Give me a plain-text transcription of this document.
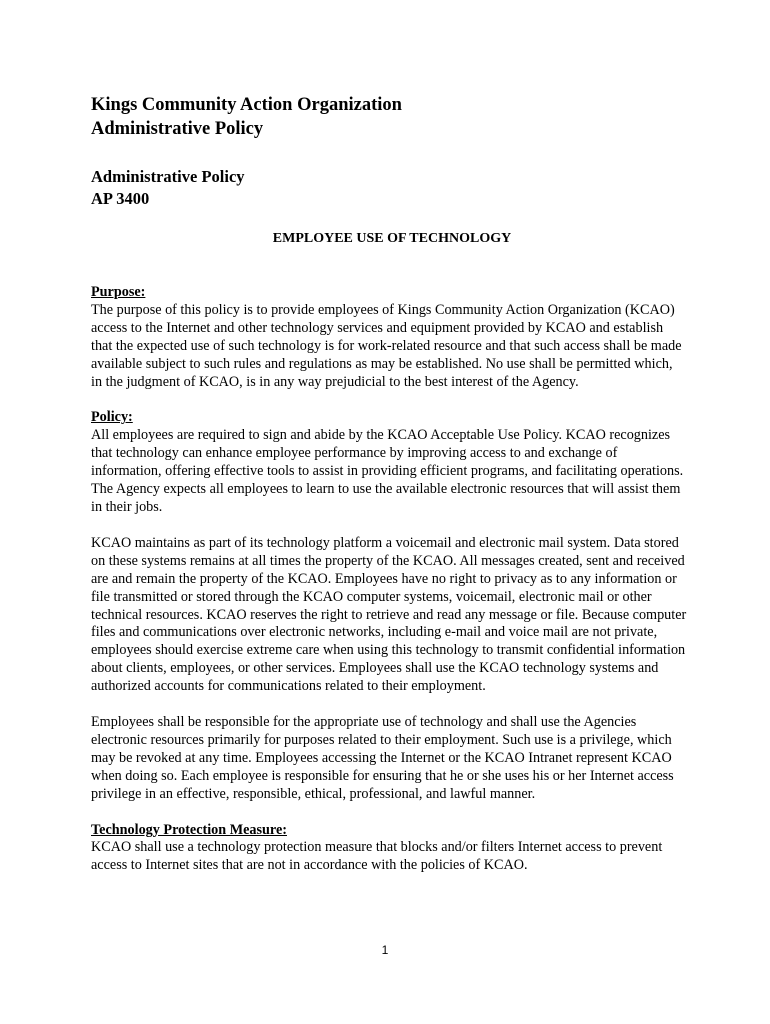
Kings Community Action Organization
Administrative Policy
Administrative Policy
AP 3400
EMPLOYEE USE OF TECHNOLOGY
Purpose:

The purpose of this policy is to provide employees of Kings Community Action Organization (KCAO) access to the Internet and other technology services and equipment provided by KCAO and establish that the expected use of such technology is for work-related resource and that such access shall be made available subject to such rules and regulations as may be established. No use shall be permitted which, in the judgment of KCAO, is in any way prejudicial to the best interest of the Agency.

Policy:

All employees are required to sign and abide by the KCAO Acceptable Use Policy. KCAO recognizes that technology can enhance employee performance by improving access to and exchange of information, offering effective tools to assist in providing efficient programs, and facilitating operations. The Agency expects all employees to learn to use the available electronic resources that will assist them in their jobs.

KCAO maintains as part of its technology platform a voicemail and electronic mail system. Data stored on these systems remains at all times the property of the KCAO. All messages created, sent and received are and remain the property of the KCAO. Employees have no right to privacy as to any information or file transmitted or stored through the KCAO computer systems, voicemail, electronic mail or other technical resources. KCAO reserves the right to retrieve and read any message or file. Because computer files and communications over electronic networks, including e-mail and voice mail are not private, employees should exercise extreme care when using this technology to transmit confidential information about clients, employees, or other services. Employees shall use the KCAO technology systems and authorized accounts for communications related to their employment.

Employees shall be responsible for the appropriate use of technology and shall use the Agencies electronic resources primarily for purposes related to their employment. Such use is a privilege, which may be revoked at any time. Employees accessing the Internet or the KCAO Intranet represent KCAO when doing so. Each employee is responsible for ensuring that he or she uses his or her Internet access privilege in an effective, responsible, ethical, professional, and lawful manner.

Technology Protection Measure:

KCAO shall use a technology protection measure that blocks and/or filters Internet access to prevent access to Internet sites that are not in accordance with the policies of KCAO.

1
